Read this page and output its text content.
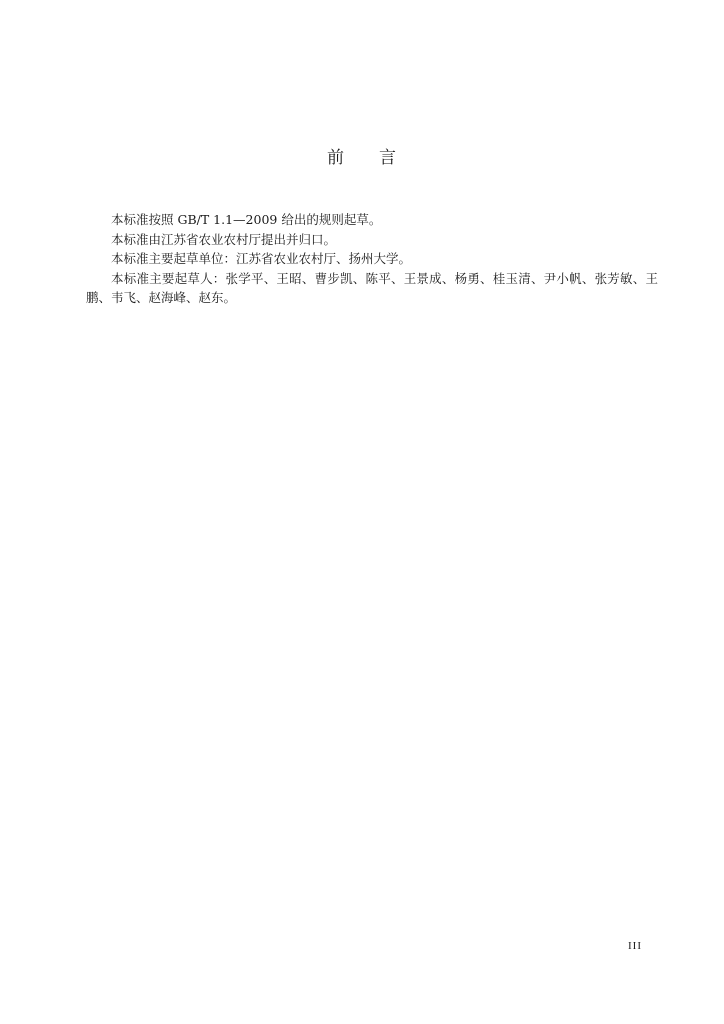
前 言

本标准按照 GB/T 1.1—2009 给出的规则起草。

本标准由江苏省农业农村厅提出并归口。

本标准主要起草单位：江苏省农业农村厅、扬州大学。

本标准主要起草人：张学平、王昭、曹步凯、陈平、王景成、杨勇、桂玉清、尹小帆、张芳敏、王鹏、韦飞、赵海峰、赵东。

III
